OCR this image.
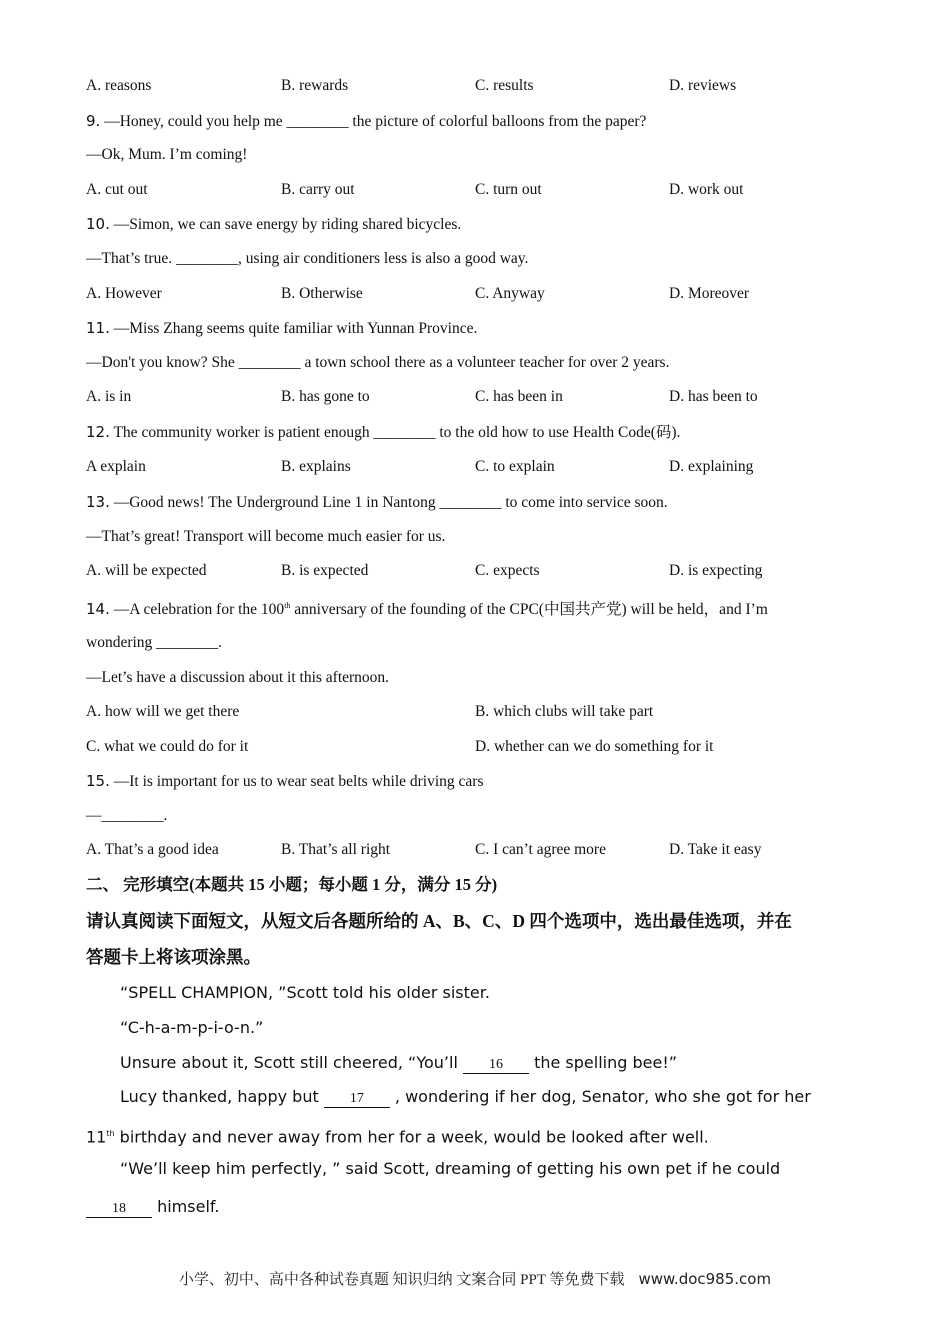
A. reasons	B. rewards	C. results	D. reviews
9. —Honey, could you help me ________ the picture of colorful balloons from the paper?
—Ok, Mum. I’m coming!
A. cut out	B. carry out	C. turn out	D. work out
10. —Simon, we can save energy by riding shared bicycles.
—That’s true. ________, using air conditioners less is also a good way.
A. However	B. Otherwise	C. Anyway	D. Moreover
11. —Miss Zhang seems quite familiar with Yunnan Province.
—Don't you know? She ________ a town school there as a volunteer teacher for over 2 years.
A. is in	B. has gone to	C. has been in	D. has been to
12. The community worker is patient enough ________ to the old how to use Health Code(码).
A explain	B. explains	C. to explain	D. explaining
13. —Good news! The Underground Line 1 in Nantong ________ to come into service soon.
—That’s great! Transport will become much easier for us.
A. will be expected	B. is expected	C. expects	D. is expecting
14. —A celebration for the 100th anniversary of the founding of the CPC(中国共产党) will be held，and I’m
wondering ________.
—Let’s have a discussion about it this afternoon.
A. how will we get there	B. which clubs will take part
C. what we could do for it	D. whether can we do something for it
15. —It is important for us to wear seat belts while driving cars
—________.
A. That’s a good idea	B. That’s all right	C. I can’t agree more	D. Take it easy
二、 完形填空(本题共 15 小题；每小题 1 分，满分 15 分)
请认真阅读下面短文，从短文后各题所给的 A、B、C、D 四个选项中，选出最佳选项，并在
答题卡上将该项涂黑。
“SPELL CHAMPION, ”Scott told his older sister.
“C-h-a-m-p-i-o-n.”
Unsure about it, Scott still cheered, “You’ll 16 the spelling bee!”
Lucy thanked, happy but 17 , wondering if her dog, Senator, who she got for her
11th birthday and never away from her for a week, would be looked after well.
“We’ll keep him perfectly, ” said Scott, dreaming of getting his own pet if he could
18 himself.
小学、初中、高中各种试卷真题 知识归纳 文案合同 PPT 等免费下载 www.doc985.com
